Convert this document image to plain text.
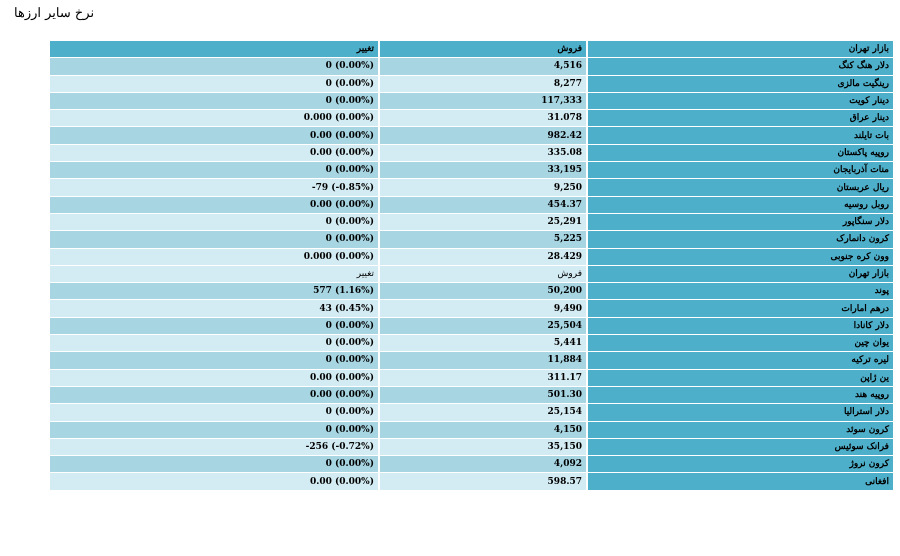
نرخ سایر ارزها
تغییر	فروش	بازار تهران
0 (0.00%)	4,516	دلار هنگ کنگ
0 (0.00%)	8,277	رینگیت مالزی
0 (0.00%)	117,333	دینار کویت
0.000 (0.00%)	31.078	دینار عراق
0.00 (0.00%)	982.42	بات تایلند
0.00 (0.00%)	335.08	روپیه پاکستان
0 (0.00%)	33,195	منات آذربایجان
-79 (-0.85%)	9,250	ریال عربستان
0.00 (0.00%)	454.37	روبل روسیه
0 (0.00%)	25,291	دلار سنگاپور
0 (0.00%)	5,225	کرون دانمارک
0.000 (0.00%)	28.429	وون کره جنوبی
تغییر	فروش	بازار تهران
577 (1.16%)	50,200	پوند
43 (0.45%)	9,490	درهم امارات
0 (0.00%)	25,504	دلار کانادا
0 (0.00%)	5,441	یوان چین
0 (0.00%)	11,884	لیره ترکیه
0.00 (0.00%)	311.17	ین ژاپن
0.00 (0.00%)	501.30	روپیه هند
0 (0.00%)	25,154	دلار استرالیا
0 (0.00%)	4,150	کرون سوئد
-256 (-0.72%)	35,150	فرانک سوئیس
0 (0.00%)	4,092	کرون نروژ
0.00 (0.00%)	598.57	افغانی
